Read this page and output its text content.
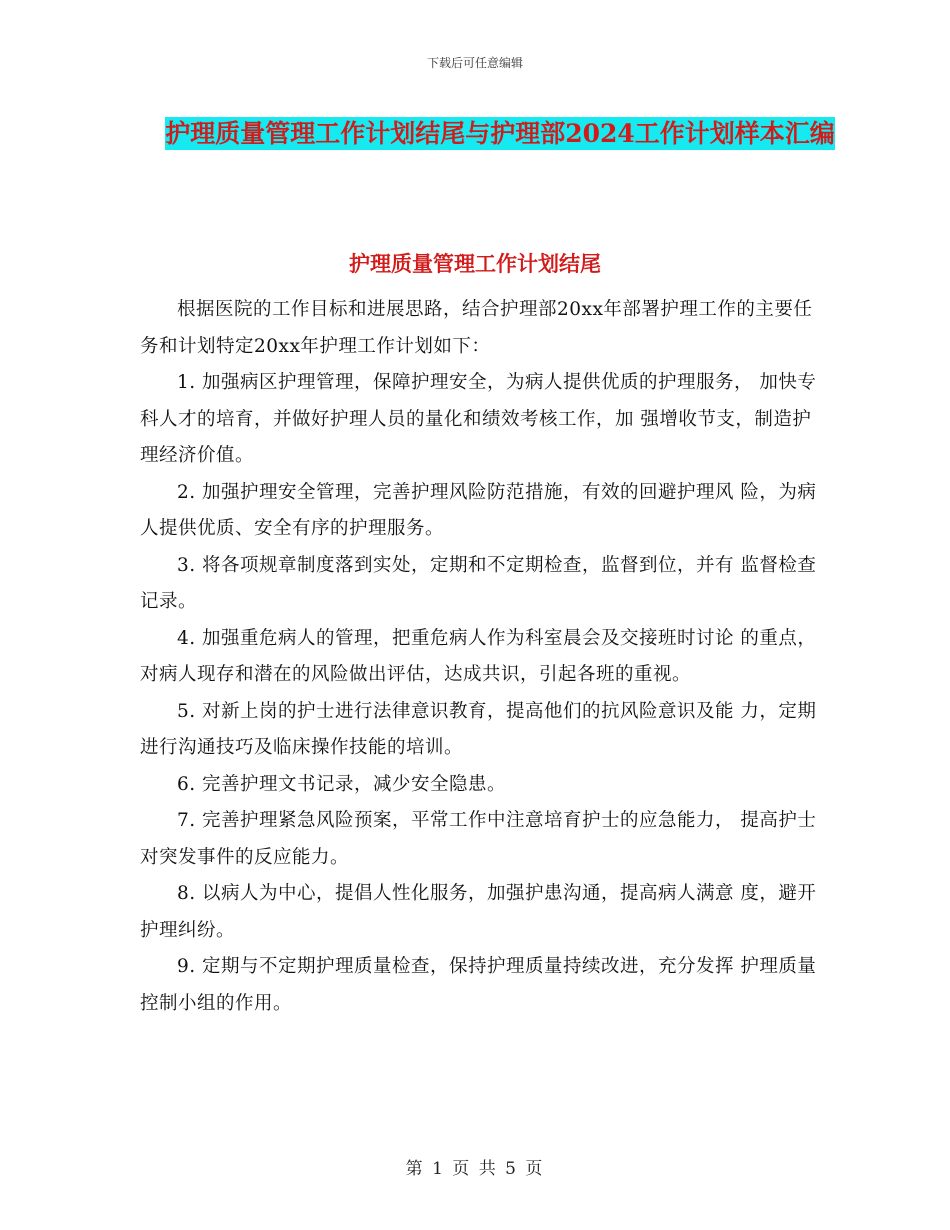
下载后可任意编辑
护理质量管理工作计划结尾与护理部2024工作计划样本汇编
护理质量管理工作计划结尾

根据医院的工作目标和进展思路，结合护理部20xx年部署护理工作的主要任务和计划特定20xx年护理工作计划如下：

1. 加强病区护理管理，保障护理安全，为病人提供优质的护理服务， 加快专科人才的培育，并做好护理人员的量化和绩效考核工作，加 强增收节支，制造护理经济价值。

2. 加强护理安全管理，完善护理风险防范措施，有效的回避护理风 险，为病人提供优质、安全有序的护理服务。

3. 将各项规章制度落到实处，定期和不定期检查，监督到位，并有 监督检查记录。

4. 加强重危病人的管理，把重危病人作为科室晨会及交接班时讨论 的重点，对病人现存和潜在的风险做出评估，达成共识，引起各班的重视。

5. 对新上岗的护士进行法律意识教育，提高他们的抗风险意识及能 力，定期进行沟通技巧及临床操作技能的培训。

6. 完善护理文书记录，减少安全隐患。

7. 完善护理紧急风险预案，平常工作中注意培育护士的应急能力， 提高护士对突发事件的反应能力。

8. 以病人为中心，提倡人性化服务，加强护患沟通，提高病人满意 度，避开护理纠纷。

9. 定期与不定期护理质量检查，保持护理质量持续改进，充分发挥 护理质量控制小组的作用。

第 1 页 共 5 页
